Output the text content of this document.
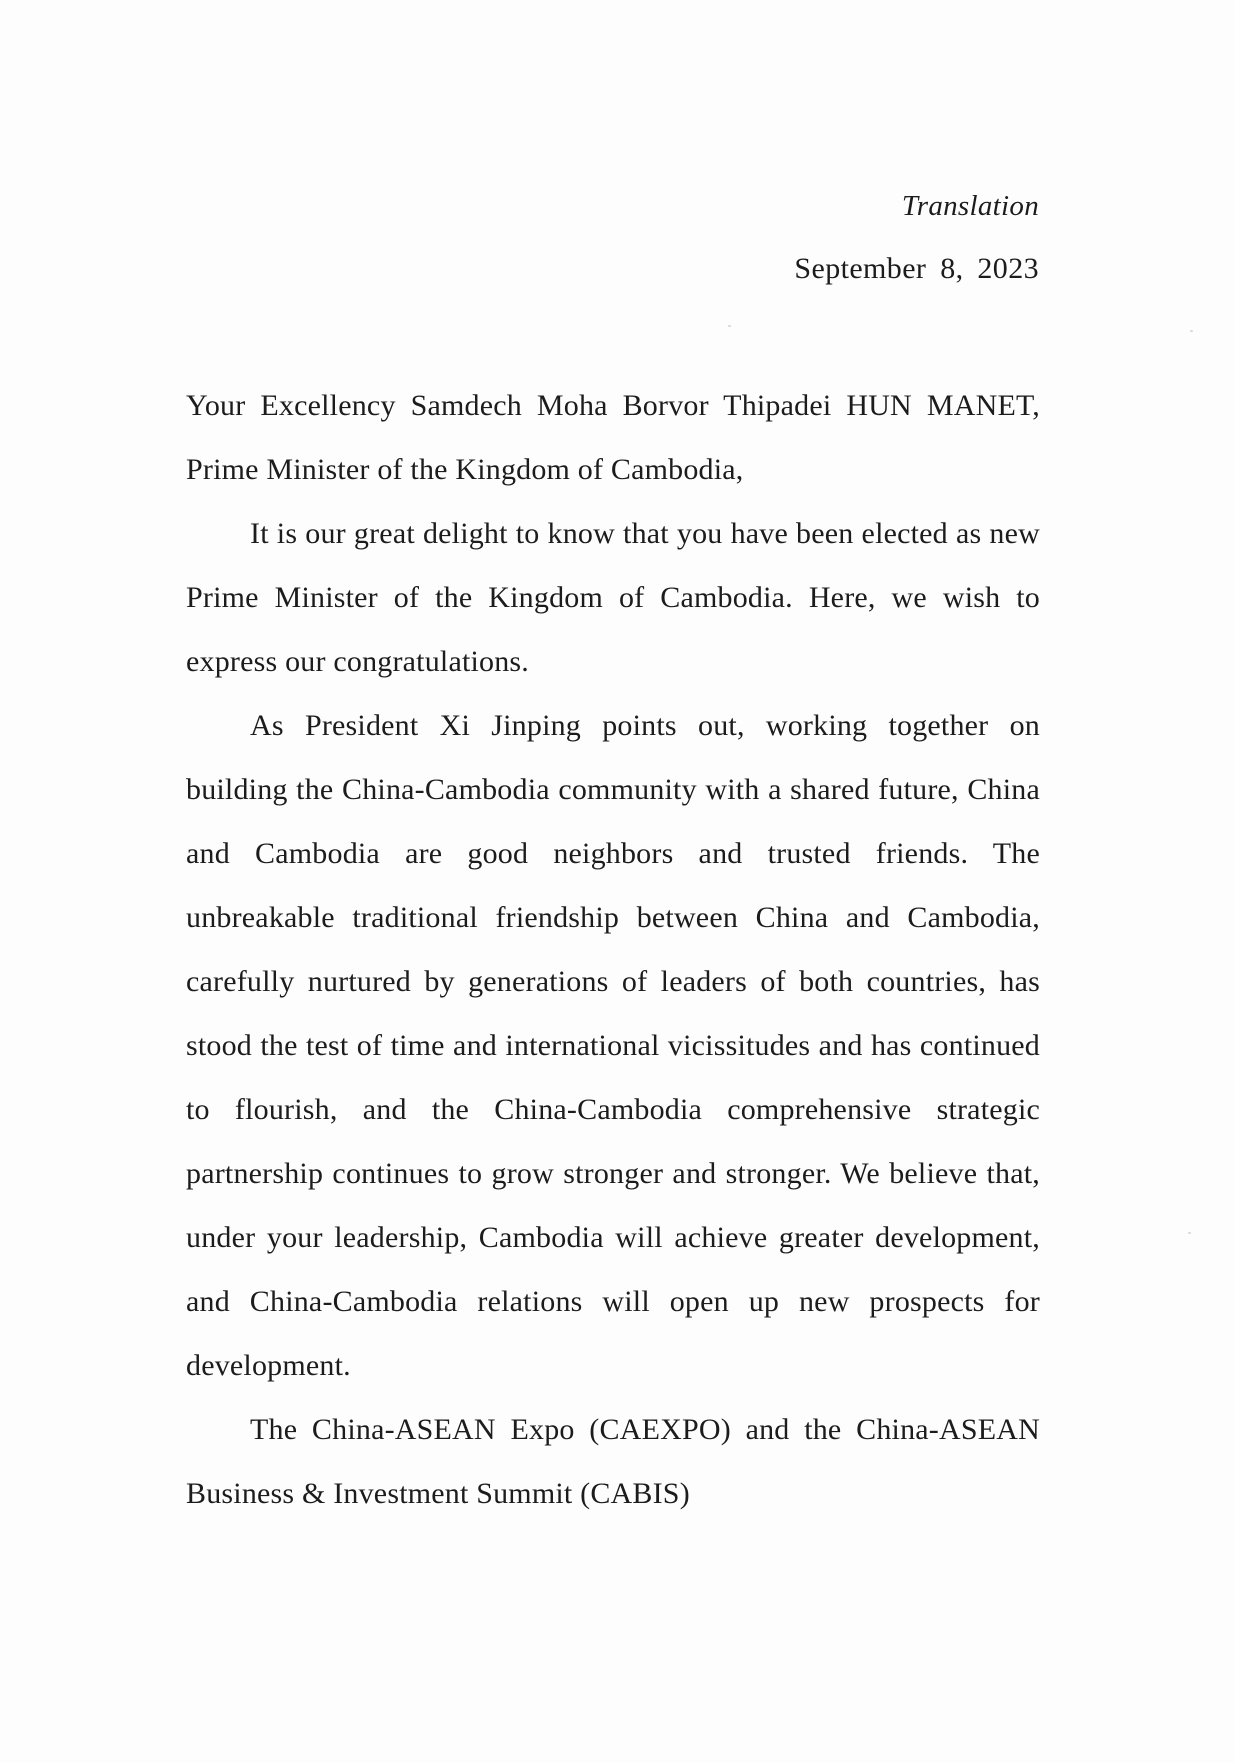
Translation
September 8, 2023

Your Excellency Samdech Moha Borvor Thipadei HUN MANET, Prime Minister of the Kingdom of Cambodia,

It is our great delight to know that you have been elected as new Prime Minister of the Kingdom of Cambodia. Here, we wish to express our congratulations.

As President Xi Jinping points out, working together on building the China-Cambodia community with a shared future, China and Cambodia are good neighbors and trusted friends. The unbreakable traditional friendship between China and Cambodia, carefully nurtured by generations of leaders of both countries, has stood the test of time and international vicissitudes and has continued to flourish, and the China-Cambodia comprehensive strategic partnership continues to grow stronger and stronger. We believe that, under your leadership, Cambodia will achieve greater development, and China-Cambodia relations will open up new prospects for development.

The China-ASEAN Expo (CAEXPO) and the China-ASEAN Business & Investment Summit (CABIS)
